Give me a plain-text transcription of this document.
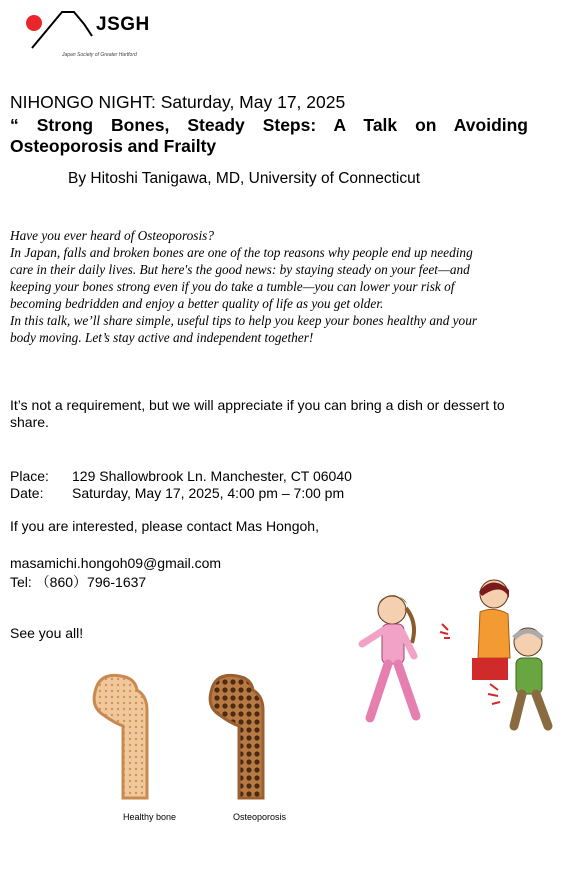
JSGH
Japan Society of Greater Hartford
NIHONGO NIGHT: Saturday, May 17, 2025
“ Strong Bones, Steady Steps: A Talk on Avoiding
Osteoporosis and Frailty
By Hitoshi Tanigawa, MD, University of Connecticut
Have you ever heard of Osteoporosis?
In Japan, falls and broken bones are one of the top reasons why people end up needing
care in their daily lives. But here's the good news: by staying steady on your feet—and
keeping your bones strong even if you do take a tumble—you can lower your risk of
becoming bedridden and enjoy a better quality of life as you get older.
In this talk, we’ll share simple, useful tips to help you keep your bones healthy and your
body moving. Let’s stay active and independent together!
It’s not a requirement, but we will appreciate if you can bring a dish or dessert to
share.
Place: 129 Shallowbrook Ln. Manchester, CT 06040
Date: Saturday, May 17, 2025, 4:00 pm – 7:00 pm
If you are interested, please contact Mas Hongoh,
masamichi.hongoh09@gmail.com
Tel: （860）796-1637
See you all!
Healthy bone	Osteoporosis
